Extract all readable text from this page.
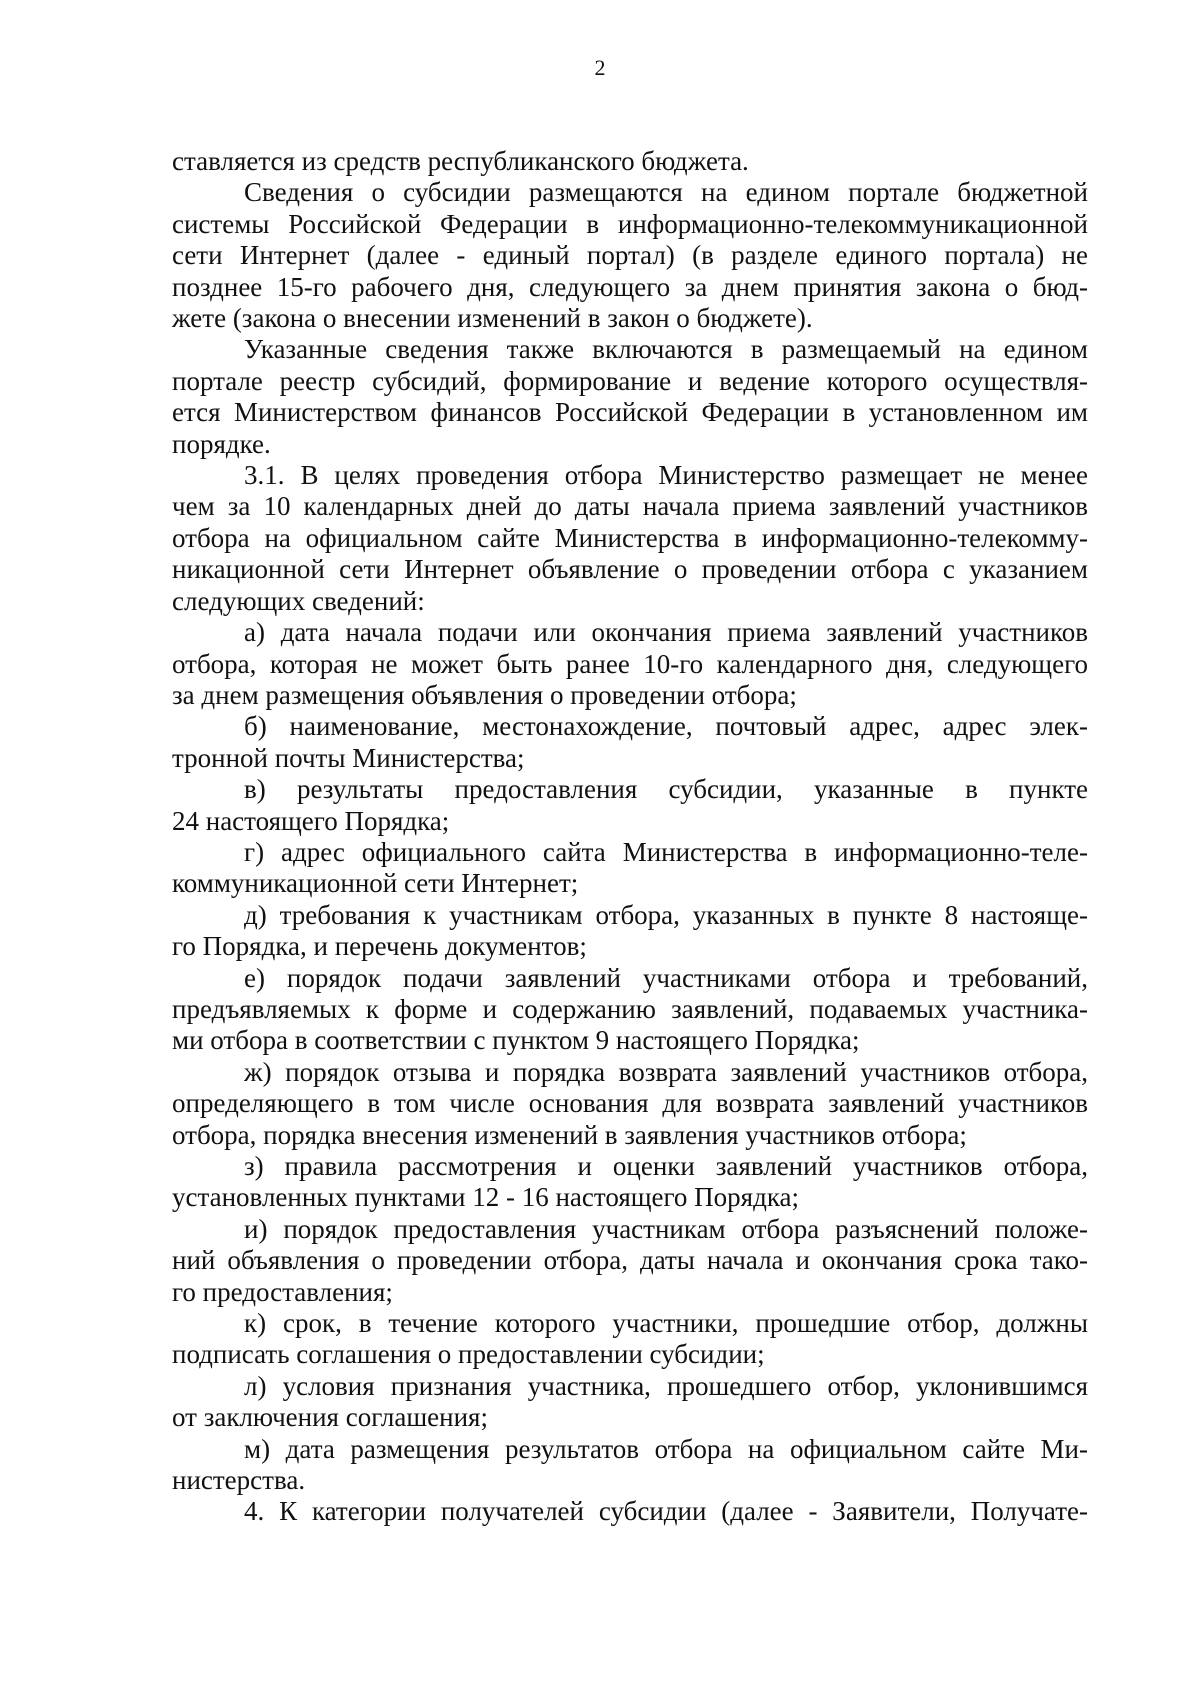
2
ставляется из средств республиканского бюджета.
Сведения о субсидии размещаются на едином портале бюджетной
системы Российской Федерации в информационно-телекоммуникационной
сети Интернет (далее - единый портал) (в разделе единого портала) не
позднее 15-го рабочего дня, следующего за днем принятия закона о бюд-
жете (закона о внесении изменений в закон о бюджете).
Указанные сведения также включаются в размещаемый на едином
портале реестр субсидий, формирование и ведение которого осуществля-
ется Министерством финансов Российской Федерации в установленном им
порядке.
3.1. В целях проведения отбора Министерство размещает не менее
чем за 10 календарных дней до даты начала приема заявлений участников
отбора на официальном сайте Министерства в информационно-телекомму-
никационной сети Интернет объявление о проведении отбора с указанием
следующих сведений:
а) дата начала подачи или окончания приема заявлений участников
отбора, которая не может быть ранее 10-го календарного дня, следующего
за днем размещения объявления о проведении отбора;
б) наименование, местонахождение, почтовый адрес, адрес элек-
тронной почты Министерства;
в) результаты предоставления субсидии, указанные в пункте
24 настоящего Порядка;
г) адрес официального сайта Министерства в информационно-теле-
коммуникационной сети Интернет;
д) требования к участникам отбора, указанных в пункте 8 настояще-
го Порядка, и перечень документов;
е) порядок подачи заявлений участниками отбора и требований,
предъявляемых к форме и содержанию заявлений, подаваемых участника-
ми отбора в соответствии с пунктом 9 настоящего Порядка;
ж) порядок отзыва и порядка возврата заявлений участников отбора,
определяющего в том числе основания для возврата заявлений участников
отбора, порядка внесения изменений в заявления участников отбора;
з) правила рассмотрения и оценки заявлений участников отбора,
установленных пунктами 12 - 16 настоящего Порядка;
и) порядок предоставления участникам отбора разъяснений положе-
ний объявления о проведении отбора, даты начала и окончания срока тако-
го предоставления;
к) срок, в течение которого участники, прошедшие отбор, должны
подписать соглашения о предоставлении субсидии;
л) условия признания участника, прошедшего отбор, уклонившимся
от заключения соглашения;
м) дата размещения результатов отбора на официальном сайте Ми-
нистерства.
4. К категории получателей субсидии (далее - Заявители, Получате-
